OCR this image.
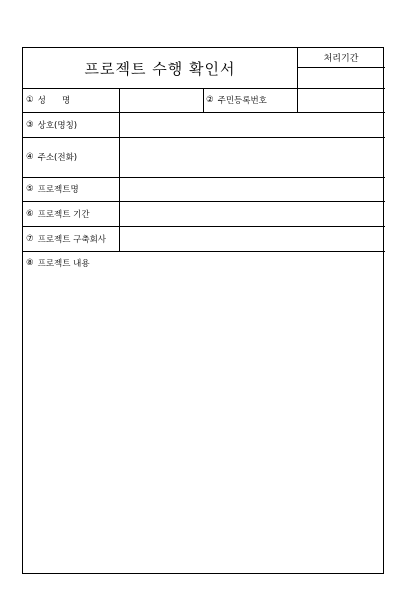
프로젝트 수행 확인서
처리기간
① 성      명	② 주민등록번호
③ 상호(명칭)
④ 주소(전화)
⑤ 프로젝트명
⑥ 프로젝트 기간
⑦ 프로젝트 구축회사
⑧ 프로젝트 내용
